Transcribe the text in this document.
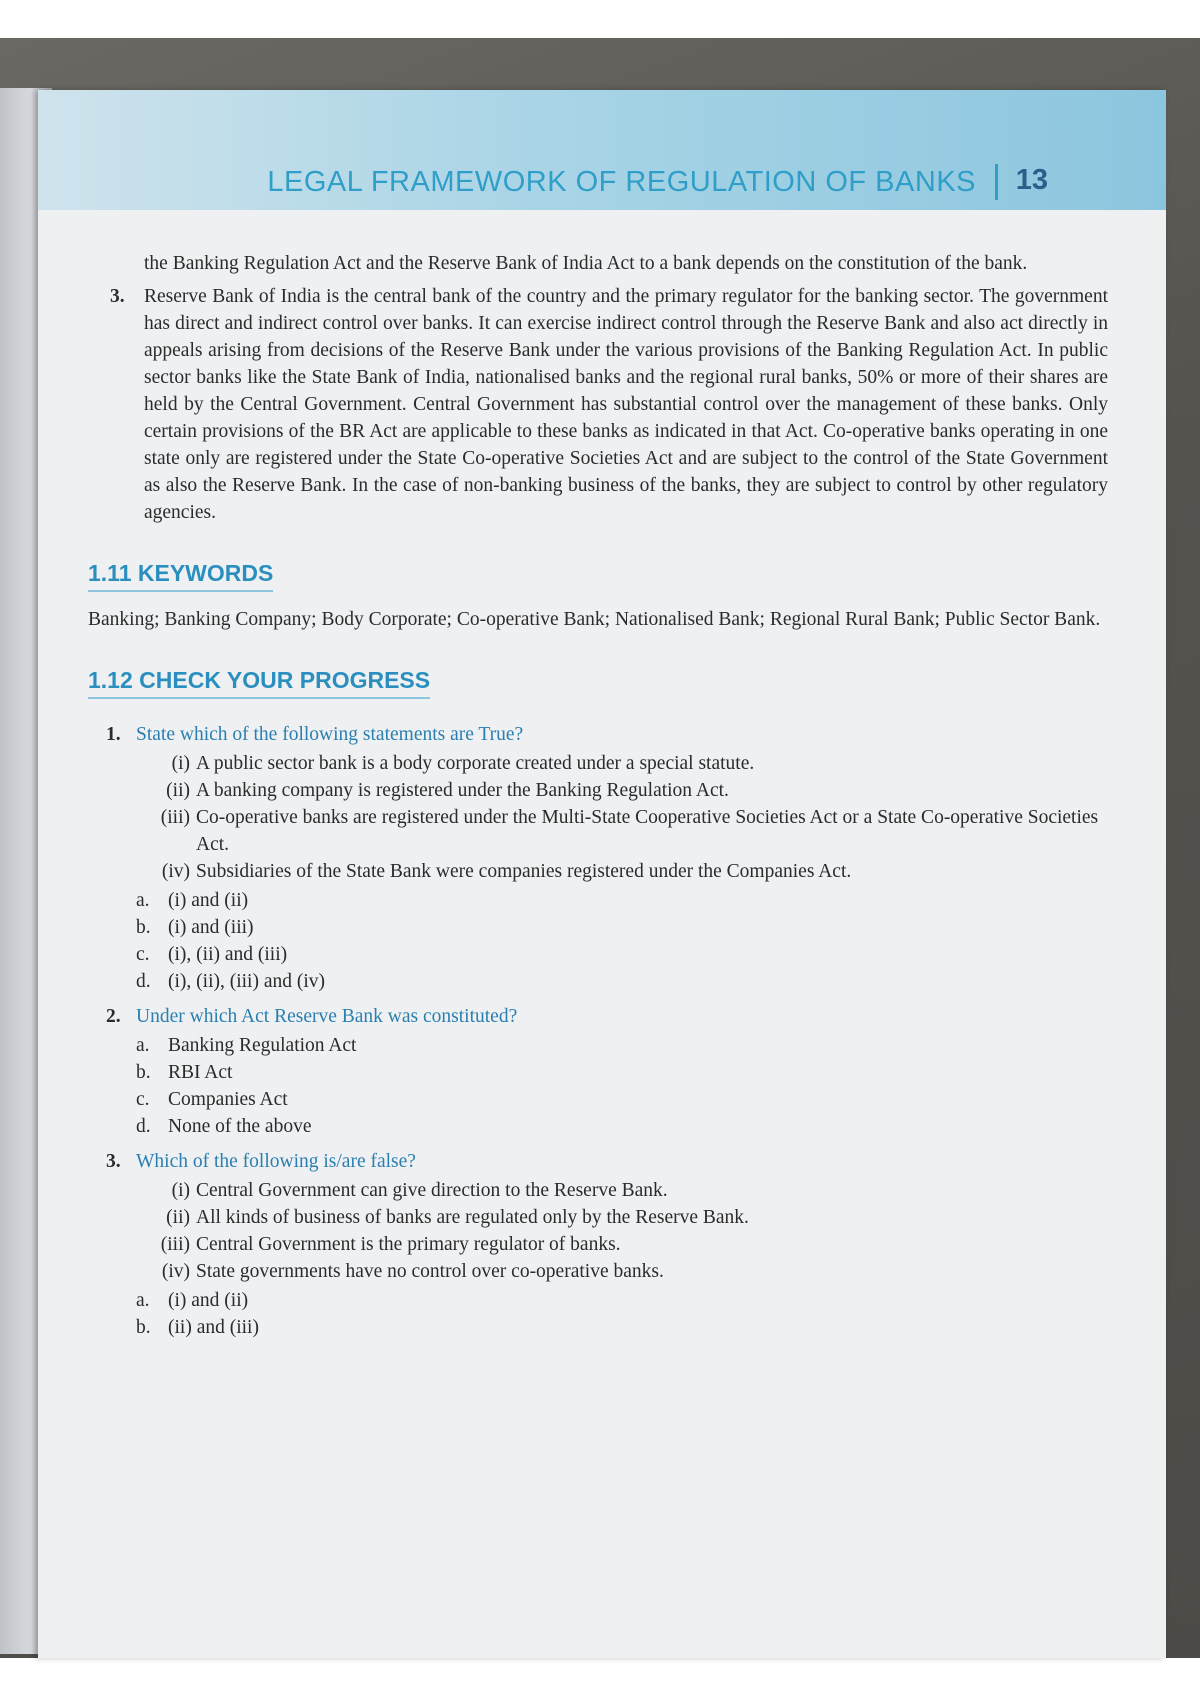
LEGAL FRAMEWORK OF REGULATION OF BANKS 13

the Banking Regulation Act and the Reserve Bank of India Act to a bank depends on the constitution of the bank.

3. Reserve Bank of India is the central bank of the country and the primary regulator for the banking sector. The government has direct and indirect control over banks. It can exercise indirect control through the Reserve Bank and also act directly in appeals arising from decisions of the Reserve Bank under the various provisions of the Banking Regulation Act. In public sector banks like the State Bank of India, nationalised banks and the regional rural banks, 50% or more of their shares are held by the Central Government. Central Government has substantial control over the management of these banks. Only certain provisions of the BR Act are applicable to these banks as indicated in that Act. Co-operative banks operating in one state only are registered under the State Co-operative Societies Act and are subject to the control of the State Government as also the Reserve Bank. In the case of non-banking business of the banks, they are subject to control by other regulatory agencies.

1.11 KEYWORDS

Banking; Banking Company; Body Corporate; Co-operative Bank; Nationalised Bank; Regional Rural Bank; Public Sector Bank.

1.12 CHECK YOUR PROGRESS
1. State which of the following statements are True?
(i) A public sector bank is a body corporate created under a special statute.
(ii) A banking company is registered under the Banking Regulation Act.
(iii) Co-operative banks are registered under the Multi-State Cooperative Societies Act or a State Co-operative Societies Act.
(iv) Subsidiaries of the State Bank were companies registered under the Companies Act.
a. (i) and (ii)
b. (i) and (iii)
c. (i), (ii) and (iii)
d. (i), (ii), (iii) and (iv)
2. Under which Act Reserve Bank was constituted?
a. Banking Regulation Act
b. RBI Act
c. Companies Act
d. None of the above
3. Which of the following is/are false?
(i) Central Government can give direction to the Reserve Bank.
(ii) All kinds of business of banks are regulated only by the Reserve Bank.
(iii) Central Government is the primary regulator of banks.
(iv) State governments have no control over co-operative banks.
a. (i) and (ii)
b. (ii) and (iii)
